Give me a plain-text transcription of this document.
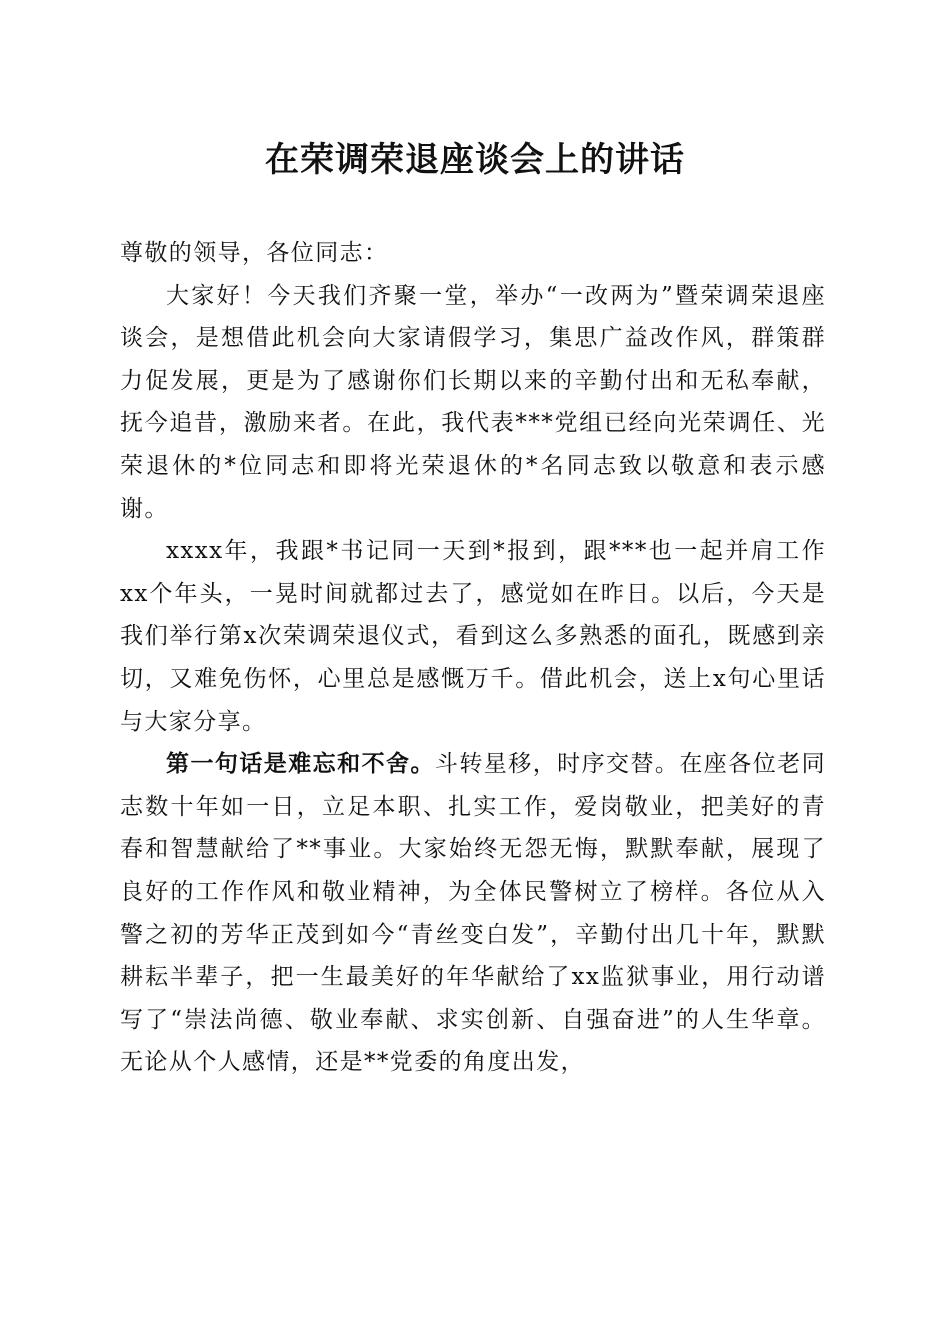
在荣调荣退座谈会上的讲话

尊敬的领导，各位同志：

大家好！今天我们齐聚一堂，举办“一改两为”暨荣调荣退座谈会，是想借此机会向大家请假学习，集思广益改作风，群策群力促发展，更是为了感谢你们长期以来的辛勤付出和无私奉献，抚今追昔，激励来者。在此，我代表***党组已经向光荣调任、光荣退休的*位同志和即将光荣退休的*名同志致以敬意和表示感谢。

xxxx年，我跟*书记同一天到*报到，跟***也一起并肩工作xx个年头，一晃时间就都过去了，感觉如在昨日。以后，今天是我们举行第x次荣调荣退仪式，看到这么多熟悉的面孔，既感到亲切，又难免伤怀，心里总是感慨万千。借此机会，送上x句心里话与大家分享。

第一句话是难忘和不舍。斗转星移，时序交替。在座各位老同志数十年如一日，立足本职、扎实工作，爱岗敬业，把美好的青春和智慧献给了**事业。大家始终无怨无悔，默默奉献，展现了良好的工作作风和敬业精神，为全体民警树立了榜样。各位从入警之初的芳华正茂到如今“青丝变白发”，辛勤付出几十年，默默耕耘半辈子，把一生最美好的年华献给了xx监狱事业，用行动谱写了“崇法尚德、敬业奉献、求实创新、自强奋进”的人生华章。无论从个人感情，还是**党委的角度出发，
